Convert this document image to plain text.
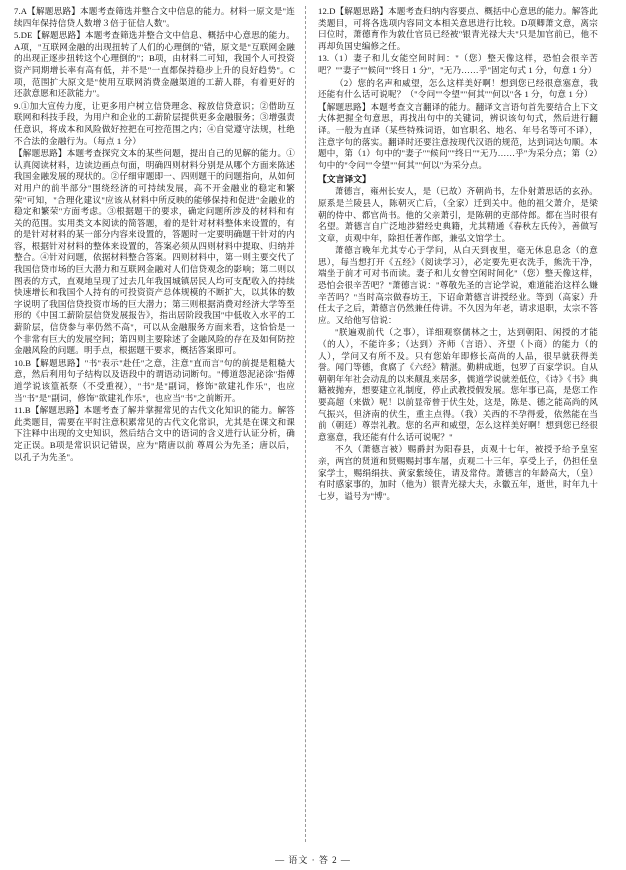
7.A【解题思路】本题考查筛选并整合文中信息的能力。材料一原文是"连续四年保持信贷人数增３倍于征信人数"。

5.DE【解题思路】本题考查筛选并整合文中信息、概括中心意思的能力。A项，"互联网金融的出现扭转了人们的心理倒的"错，原文是"互联网金融的出现正逐步扭转这个心理倒的"；B项，由材料二可知，我国个人可投资资产同期增长率有高有低，并不是"一直都保持稳步上升的良好趋势"。C项，范围扩大原文是"使用互联网消费金融渠道的工薪人群，有着更好的还款意愿和还款能力"。

9.①加大宣传力度，让更多用户树立信贷理念、稼放信贷意识；②借助互联网和科技手段，为用户和企业的工薪阶层提供更多金融服务；③增强责任意识，将成本和风险做好控把在可控范围之内；④自觉遵守法规，杜绝不合法的金融行为。（每点 1 分）

【解题思路】本题考查探究文本的某些问题，提出自己的见解的能力。①认真阅读材料，边读边画点句面，明确四则材料分别是从哪个方面来陈述我国金融发展的现状的。②仔细审题即一、四则题干的问题指向，从如何对用户的前半部分"围绕经济的可持续发展，高不开金融业的稳定和繁荣"可知，"合理化建议"应该从材料中所反映的能够保持和促进"金融业的稳定和繁荣"方面考虑。③根据题干的要求，确定问题所涉及的材料和有关的范围。实用类文本阅读的简答题，着的是针对材料整体来设置的，有的是针对材料的某一部分内容来设置的，答题时一定要明确题干针对的内容，根据针对材料的整体来设置的，答案必须从四则材料中提取、归纳并整合。④针对问题，依据材料整合答案。四则材料中，第一则主要交代了我国信贷市场的巨大潜力和互联网金融对人们信贷观念的影响；第二则以图表的方式，直观地呈现了过去几年我国城镇居民人均可支配收入的持续快速增长和我国个人持有的可投资资产总体规模的不断扩大，以其体的数字说明了我国信贷投资市场的巨大潜力；第三则根据消费对经济大学等至形的《中国工薪阶层信贷发展报告》，指出居阶段我国"中低收入水平的工薪阶层，信贷参与率仍然不高"，可以从金融服务方面来看，这恰恰是一个非常有巨大的发展空间；第四则主要除述了金融风险的存在及如何防控金融风险的问题。明手点，根据题干要求，概括答案即可。

10.B【解题思路】"书"表示"赴任"之意，注意"直而言"句的前提是粗糙大意，然后利用句子结构以及语段中的谓语动词断句。"傅道怨泥泌涂"指傅道学说该篁祇祭（不受重视），"书"是"副词，修饰"欲建礼作乐"，也应当"书"是"副词，修饰"欲建礼作乐"，也应当"书"之前断开。

11.B【解题思路】本题考查了解并掌握常见的古代文化知识的能力。解答此类题目，需要在平时注意积累常见的古代文化常识，尤其是在课文和课下注释中出现的文史知识，然后结合文中的语词的含义进行认证分析，确定正误。B项是常识识记错误，应为"隋唐以前 尊周公为先圣；唐以后，以孔子为先圣"。

12.D【解题思路】本题考查归纳内容要点、概括中心意思的能力。解答此类题目，可将各选项内容同文本相关意思进行比较。D项卿萧文意，离宗曰位时，萧德育作为敦仕官员已经被"银青光禄大夫"只是加官前已，他不再却负国史编修之任。

13.（1）妻子和儿女能空间时间："（您）整天像这样，恐怕会很辛苦吧？""妻子""候问""终日 1 分"，"无乃……乎"固定句式 1 分，句意 1 分）

（2）您的名声和威望，怎么这样美好啊！想到您已经很意塞意，我还能有什么话可说呢？（"令问""令望""何其""何以"各 1 分，句意 1 分）

【解题思路】本题考查文言翻译的能力。翻译文言语句首先要结合上下文大体把握全句意思，再找出句中的关键词，辨识该句句式，然后进行翻译。一般为直译（某些特殊词语，如官职名、地名、年号名等可不译），注意字句的落实。翻译时还要注意按现代汉语的规范，达到词达句顺。本题中，第（1）句中的"妻子""候问""终日""无乃……乎"为采分点；第（2）句中的"令问""令望""何其""何以"为采分点。

【文言译文】

萧德言，雍州长安人，是（已故）齐朝尚书，左仆射萧思话的玄孙。原系是兰陵县人，陈朝灭亡后，（全家）迁到关中。他的祖父萧介，是梁朝的侍中、都官尚书。他的父亲萧引，是陈朝的吏部侍郎。都在当时很有名望。萧德言自广泛地涉猎经史典籍，尤其精通《春秋左氏传》，善做写文章，贞观中年，除担任著作郎，兼弘文馆学士。

萧德言晚年尤其专心于学问，从白天到夜里，毫无休息息念（的意思），每当想打开《五经》（阅读学习），必定要先更衣洗手，熊洗干净，端坐于前才可对书而读。妻子和儿女曾空闲时间化"（您）整天像这样，恐怕会很辛苦吧？"萧德言说："尊敬先圣的言论学说，难道能治这样么嫌辛苦吗？"当时高宗做春坊王，下诏命萧德言讲授经业。等到（高家）升任太子之后，萧德言仍然兼任侍讲。不久因为年老，请求退职，太宗不答应。又给他写信说：

"朕遍观前代（之事），详细观察儒林之士，达到朝阳、闲授的才能（的人），不能许多；（达到）齐师（言语）、齐望（卜商）的能力（的人），学问又有所不及。只有您始年即修长高尚的人品，很早就获得美誉。闻门等德，食腐了《六经》精湛。勤耕成逝，包罗了百家学识。自从朝朝年年社会动乱的以来颠乱来居多，儒道学说就差低位，《诗》《书》典籍被抛弃，想要建立礼制度，停止武教授假发展。您年事已高，是您工作要高超（来做）呢！以前显帝曾于伏生处，这是，陈是、德之能高尚的风气振兴，但济南的伏生，重主点得。（我）关西的不孕得爱，依然能在当前（朝廷）尊崇礼教。您的名声和威望，怎么这样美好啊！想到您已经很意塞意，我还能有什么话可说呢？"

不久（萧德言被）赐爵封为阳春县，贞观十七年，被授予给予皇室亲，两宫的贤道和贤赐赐封事车屠，贞观二十三年，享受上子，仍担任皇家学士，赐绢绢扶、黄家紫绫住，请及常侍。萧德言的年龄高大，（皇）有时感家事的，加时（他为）银青光禄大夫，永徽五年，逝世，时年九十七岁，谥号为"博"。

— 语文 · 答 2 —
